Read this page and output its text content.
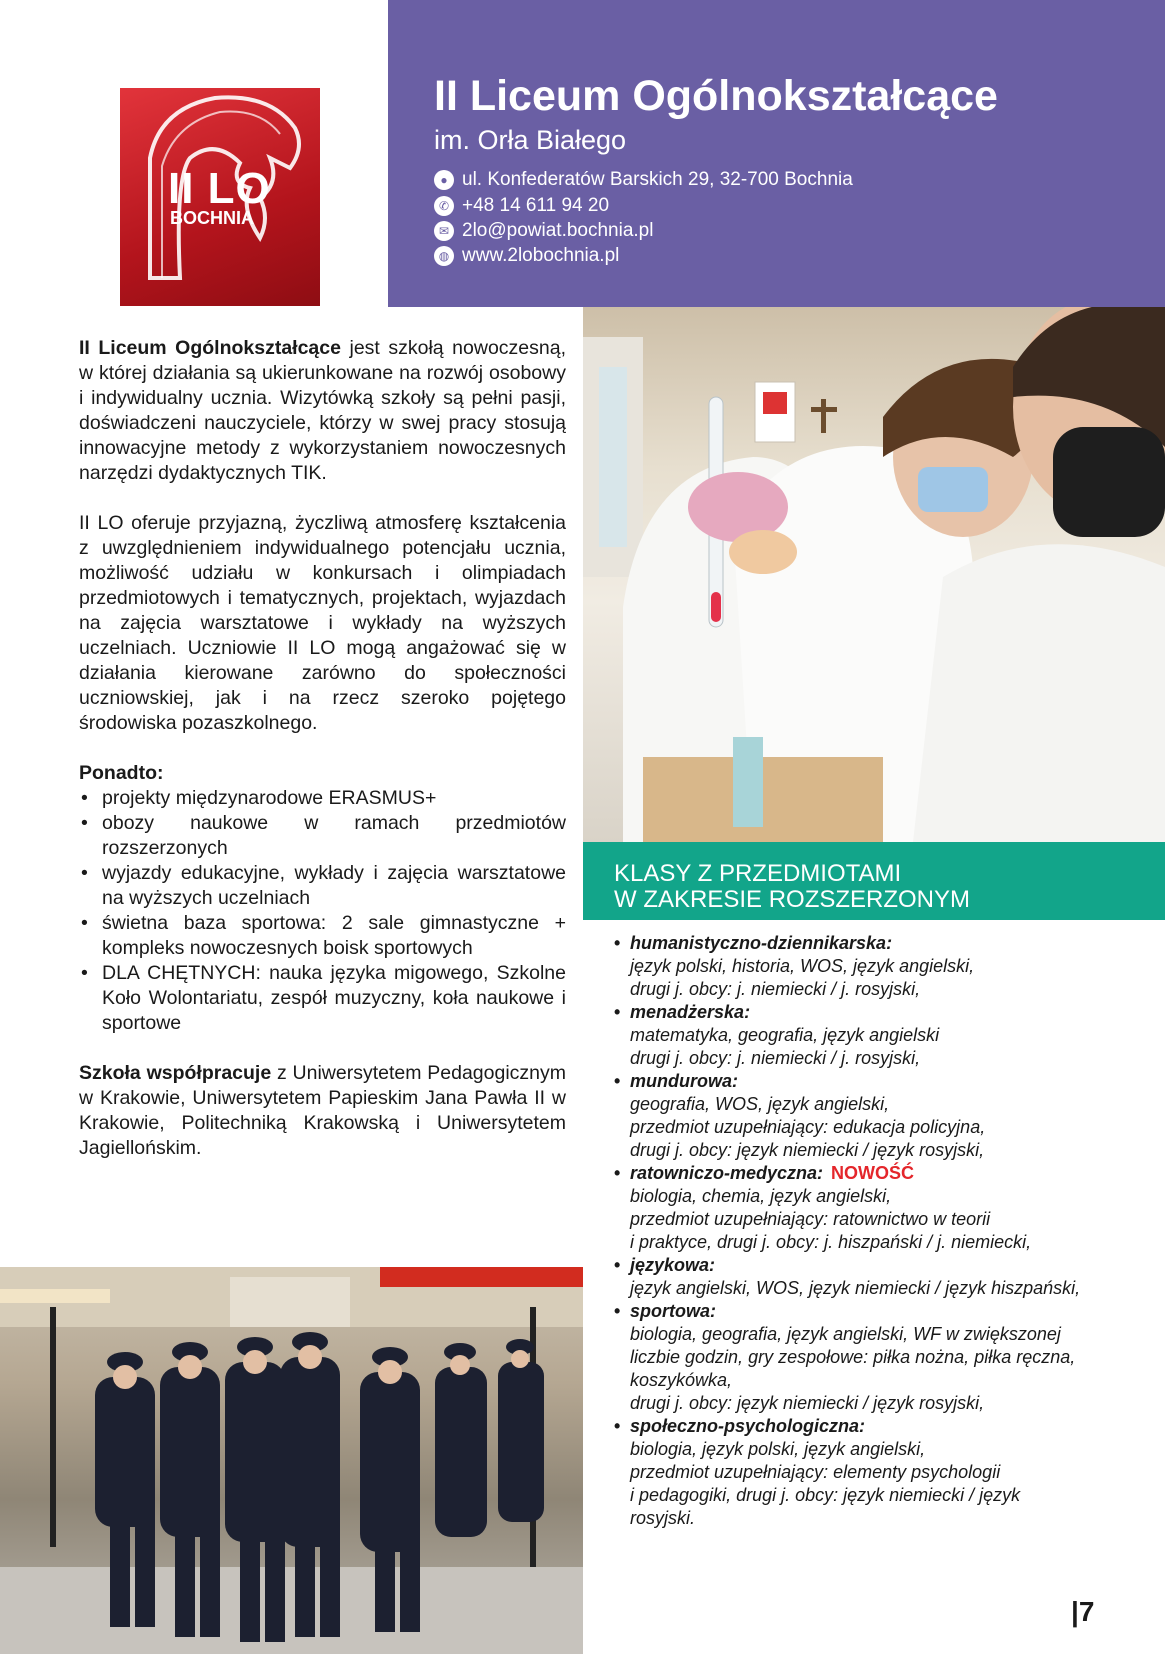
II LO
BOCHNIA
II Liceum Ogólnokształcące
im. Orła Białego
● ul. Konfederatów Barskich 29, 32-700 Bochnia
✆ +48 14 611 94 20
✉ 2lo@powiat.bochnia.pl
◍ www.2lobochnia.pl

II Liceum Ogólnokształcące jest szkołą nowoczesną, w której działania są ukierunkowane na rozwój osobowy i indywidualny ucznia. Wizytówką szkoły są pełni pasji, doświadczeni nauczyciele, którzy w swej pracy stosują innowacyjne metody z wykorzystaniem nowoczesnych narzędzi dydaktycznych TIK.

II LO oferuje przyjazną, życzliwą atmosferę kształcenia z uwzględnieniem indywidualnego potencjału ucznia, możliwość udziału w konkursach i olimpiadach przedmiotowych i tematycznych, projektach, wyjazdach na zajęcia warsztatowe i wykłady na wyższych uczelniach. Uczniowie II LO mogą angażować się w działania kierowane zarówno do społeczności uczniowskiej, jak i na rzecz szeroko pojętego środowiska pozaszkolnego.

Ponadto:
• projekty międzynarodowe ERASMUS+
• obozy naukowe w ramach przedmiotów rozszerzonych
• wyjazdy edukacyjne, wykłady i zajęcia warsztatowe na wyższych uczelniach
• świetna baza sportowa: 2 sale gimnastyczne + kompleks nowoczesnych boisk sportowych
• DLA CHĘTNYCH: nauka języka migowego, Szkolne Koło Wolontariatu, zespół muzyczny, koła naukowe i sportowe

Szkoła współpracuje z Uniwersytetem Pedagogicznym w Krakowie, Uniwersytetem Papieskim Jana Pawła II w Krakowie, Politechniką Krakowską i Uniwersytetem Jagiellońskim.

KLASY Z PRZEDMIOTAMI
W ZAKRESIE ROZSZERZONYM
• humanistyczno-dziennikarska:
język polski, historia, WOS, język angielski,
drugi j. obcy: j. niemiecki / j. rosyjski,
• menadżerska:
matematyka, geografia, język angielski
drugi j. obcy: j. niemiecki / j. rosyjski,
• mundurowa:
geografia, WOS, język angielski,
przedmiot uzupełniający: edukacja policyjna,
drugi j. obcy: język niemiecki / język rosyjski,
• ratowniczo-medyczna: NOWOŚĆ
biologia, chemia, język angielski,
przedmiot uzupełniający: ratownictwo w teorii
i praktyce, drugi j. obcy: j. hiszpański / j. niemiecki,
• językowa:
język angielski, WOS, język niemiecki / język hiszpański,
• sportowa:
biologia, geografia, język angielski, WF w zwiększonej
liczbie godzin, gry zespołowe: piłka nożna, piłka ręczna,
koszykówka,
drugi j. obcy: język niemiecki / język rosyjski,
• społeczno-psychologiczna:
biologia, język polski, język angielski,
przedmiot uzupełniający: elementy psychologii
i pedagogiki, drugi j. obcy: język niemiecki / język
rosyjski.
|7
